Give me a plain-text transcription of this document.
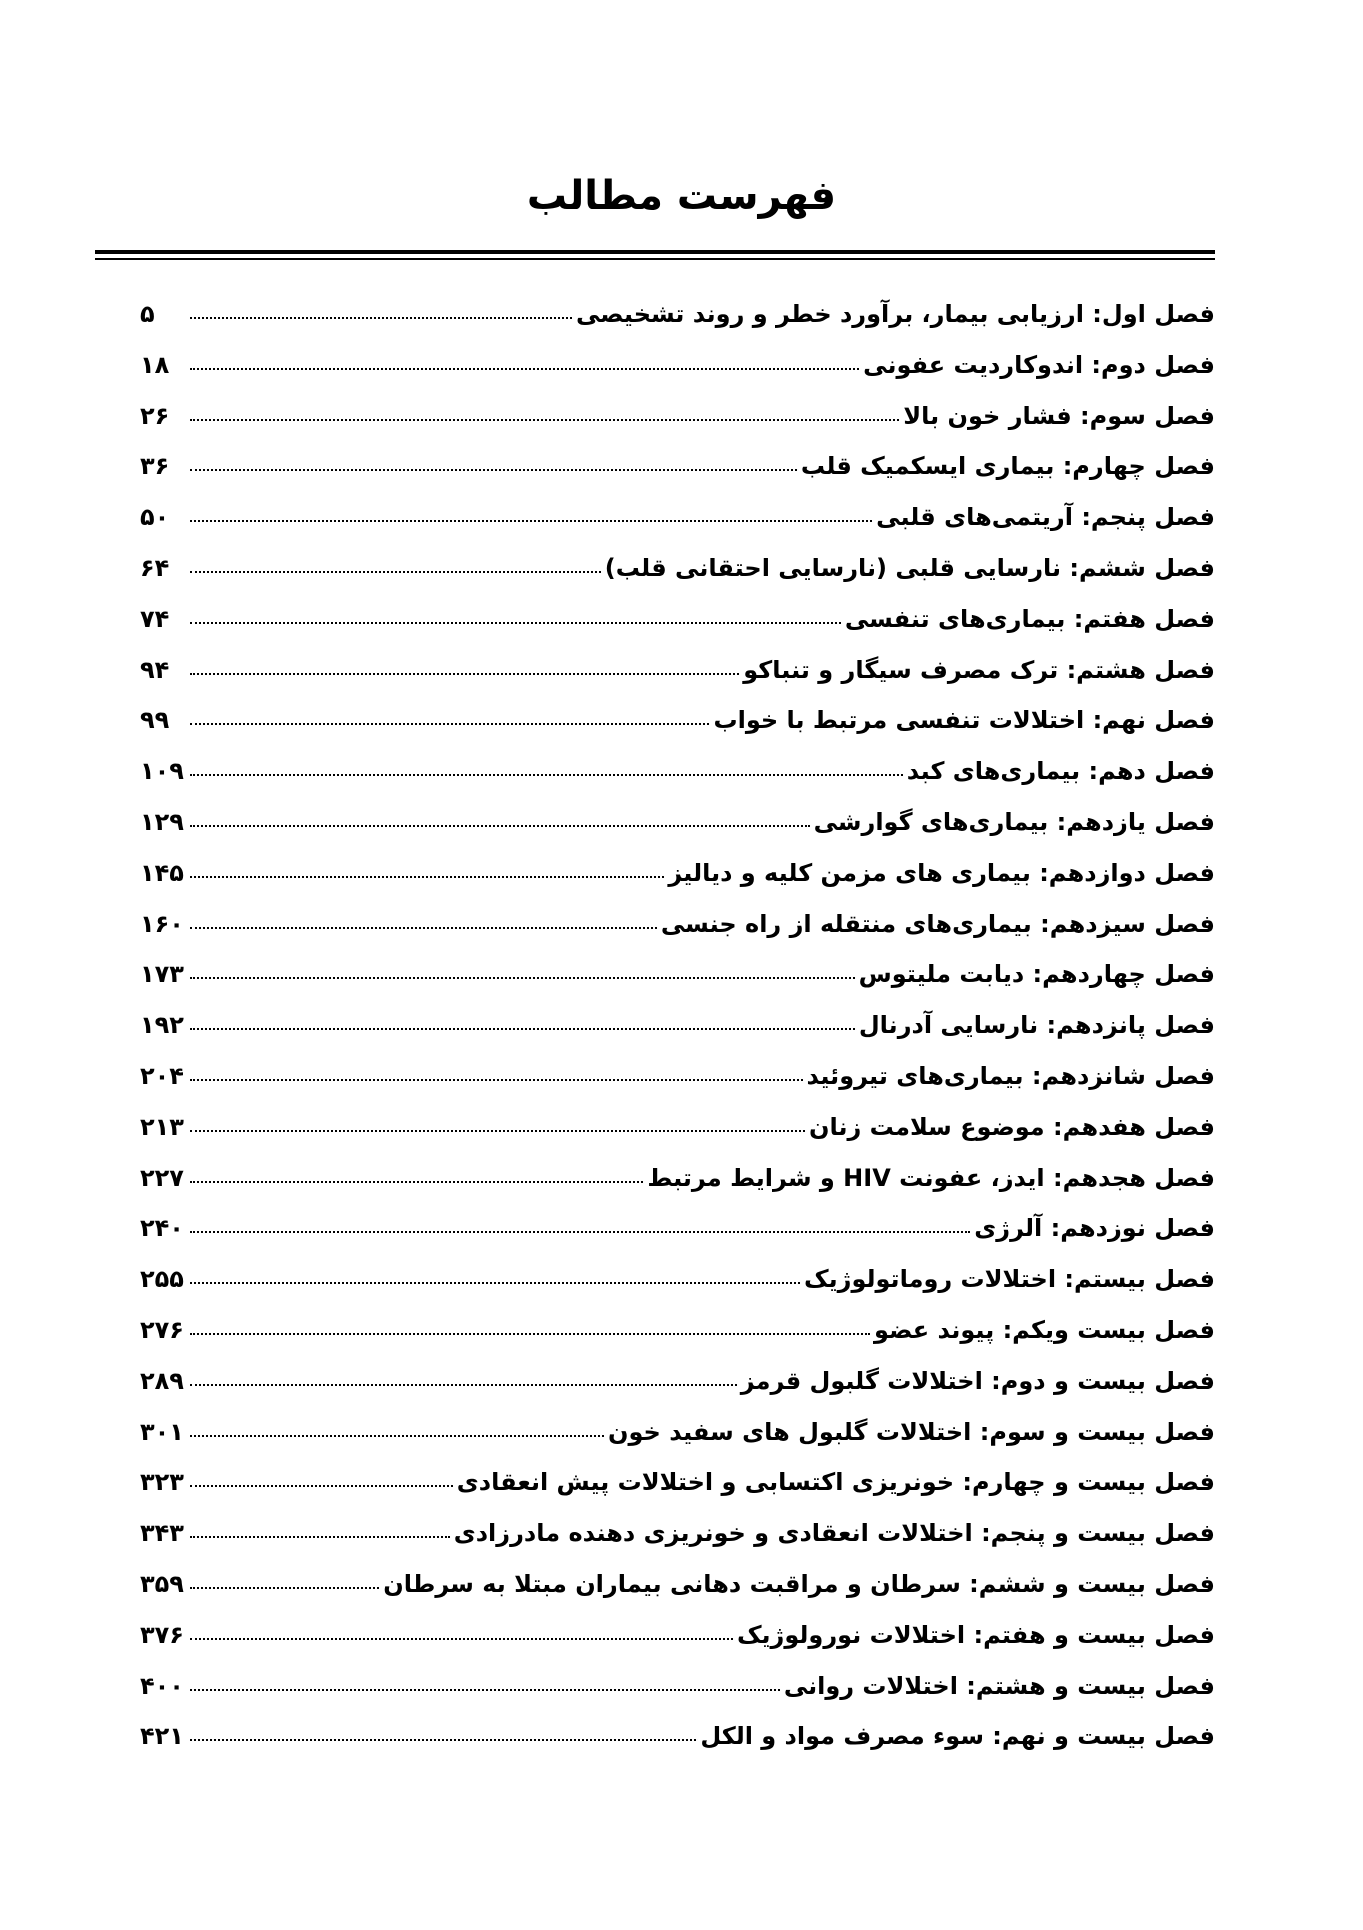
فهرست مطالب
فصل اول: ارزیابی بیمار، برآورد خطر و روند تشخیصی
۵
فصل دوم: اندوکاردیت عفونی
۱۸
فصل سوم: فشار خون بالا
۲۶
فصل چهارم: بیماری ایسکمیک قلب
۳۶
فصل پنجم: آریتمی‌های قلبی
۵۰
فصل ششم: نارسایی قلبی (نارسایی احتقانی قلب)
۶۴
فصل هفتم: بیماری‌های تنفسی
۷۴
فصل هشتم: ترک مصرف سیگار و تنباکو
۹۴
فصل نهم: اختلالات تنفسی مرتبط با خواب
۹۹
فصل دهم: بیماری‌های کبد
۱۰۹
فصل یازدهم: بیماری‌های گوارشی
۱۲۹
فصل دوازدهم: بیماری های مزمن کلیه و دیالیز
۱۴۵
فصل سیزدهم: بیماری‌های منتقله از راه جنسی
۱۶۰
فصل چهاردهم: دیابت ملیتوس
۱۷۳
فصل پانزدهم: نارسایی آدرنال
۱۹۲
فصل شانزدهم: بیماری‌های تیروئید
۲۰۴
فصل هفدهم: موضوع سلامت زنان
۲۱۳
فصل هجدهم: ایدز، عفونت HIV و شرایط مرتبط
۲۲۷
فصل نوزدهم: آلرژی
۲۴۰
فصل بیستم: اختلالات روماتولوژیک
۲۵۵
فصل بیست ویکم: پیوند عضو
۲۷۶
فصل بیست و دوم: اختلالات گلبول قرمز
۲۸۹
فصل بیست و سوم: اختلالات گلبول های سفید خون
۳۰۱
فصل بیست و چهارم: خونریزی اکتسابی و اختلالات پیش انعقادی
۳۲۳
فصل بیست و پنجم: اختلالات انعقادی و خونریزی دهنده مادرزادی
۳۴۳
فصل بیست و ششم: سرطان و مراقبت دهانی بیماران مبتلا به سرطان
۳۵۹
فصل بیست و هفتم: اختلالات نورولوژیک
۳۷۶
فصل بیست و هشتم: اختلالات روانی
۴۰۰
فصل بیست و نهم: سوء مصرف مواد و الکل
۴۲۱
